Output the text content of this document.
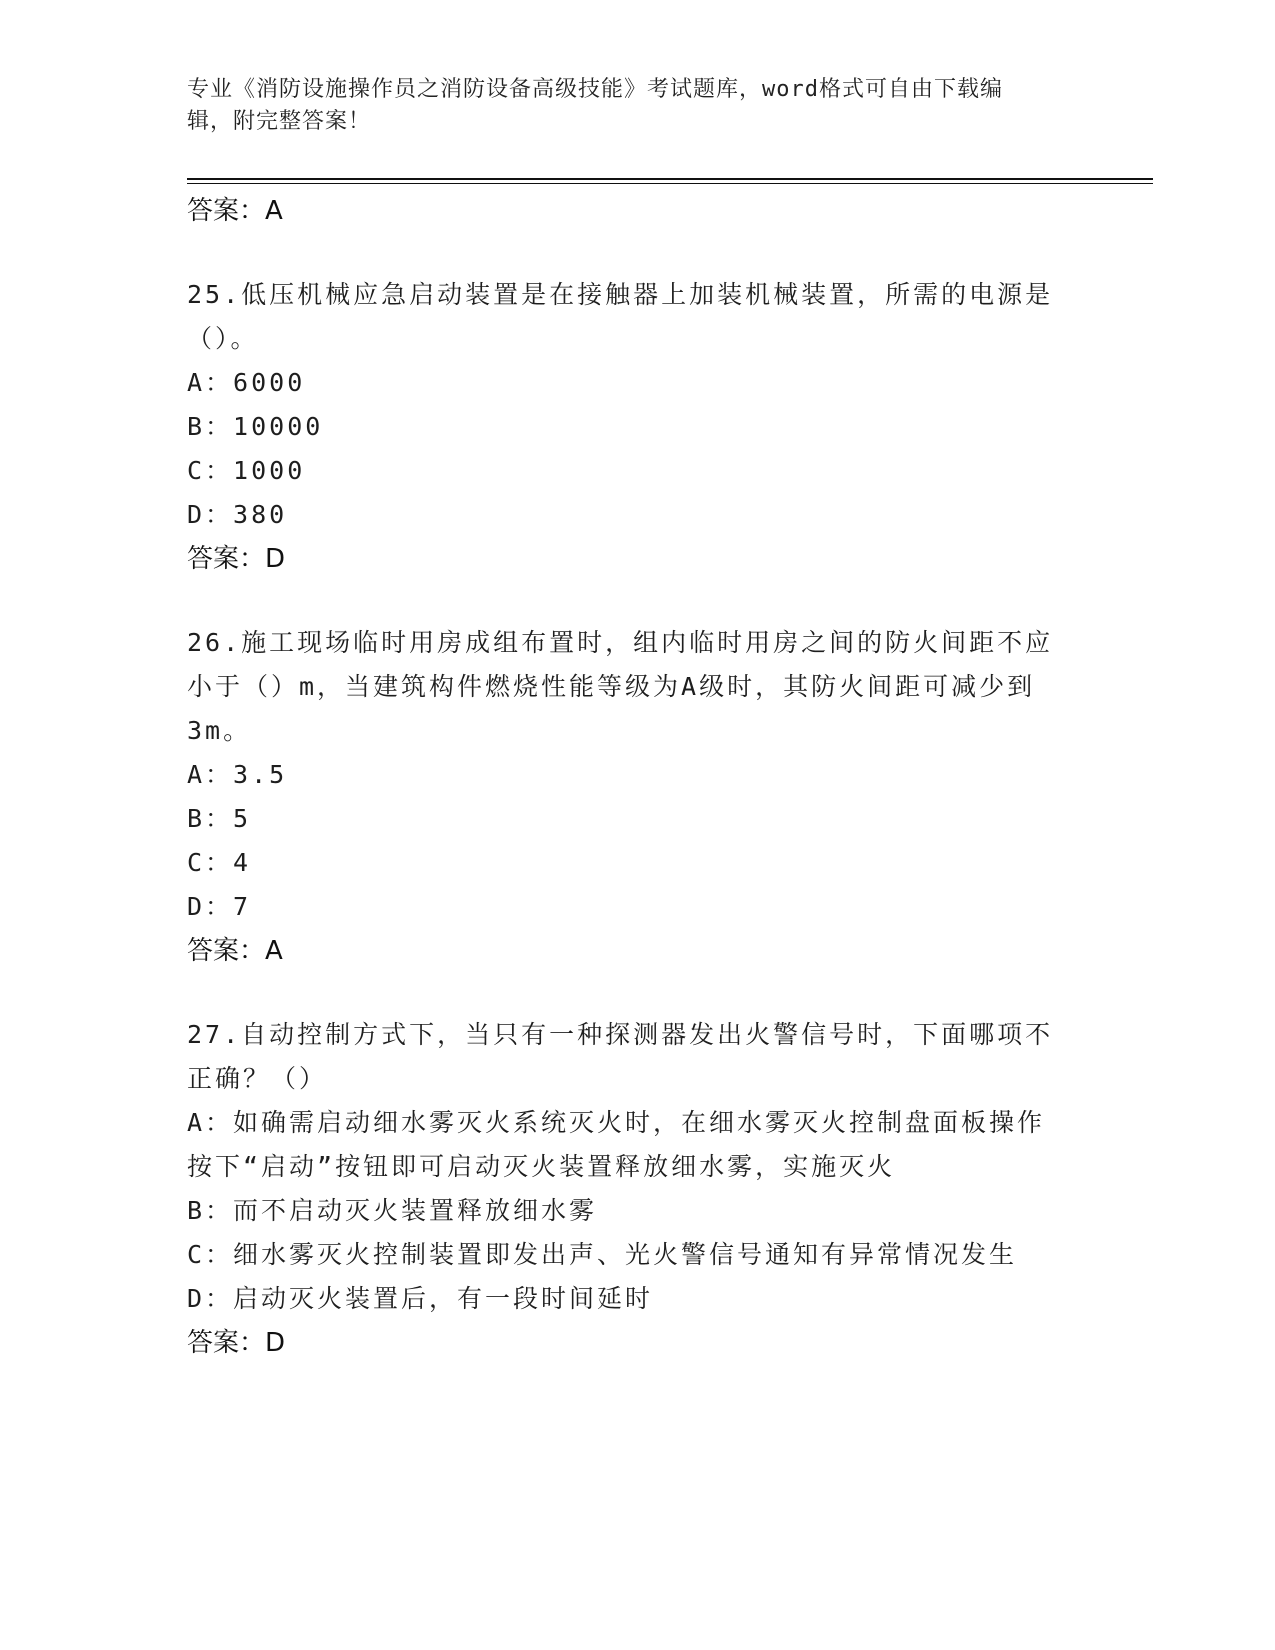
专业《消防设施操作员之消防设备高级技能》考试题库，word格式可自由下载编
辑，附完整答案！
答案：A
25.低压机械应急启动装置是在接触器上加装机械装置，所需的电源是
（）。
A：6000
B：10000
C：1000
D：380
答案：D
26.施工现场临时用房成组布置时，组内临时用房之间的防火间距不应
小于（）m，当建筑构件燃烧性能等级为A级时，其防火间距可减少到
3m。
A：3.5
B：5
C：4
D：7
答案：A
27.自动控制方式下，当只有一种探测器发出火警信号时，下面哪项不
正确？（）
A：如确需启动细水雾灭火系统灭火时，在细水雾灭火控制盘面板操作
按下“启动”按钮即可启动灭火装置释放细水雾，实施灭火
B：而不启动灭火装置释放细水雾
C：细水雾灭火控制装置即发出声、光火警信号通知有异常情况发生
D：启动灭火装置后，有一段时间延时
答案：D
